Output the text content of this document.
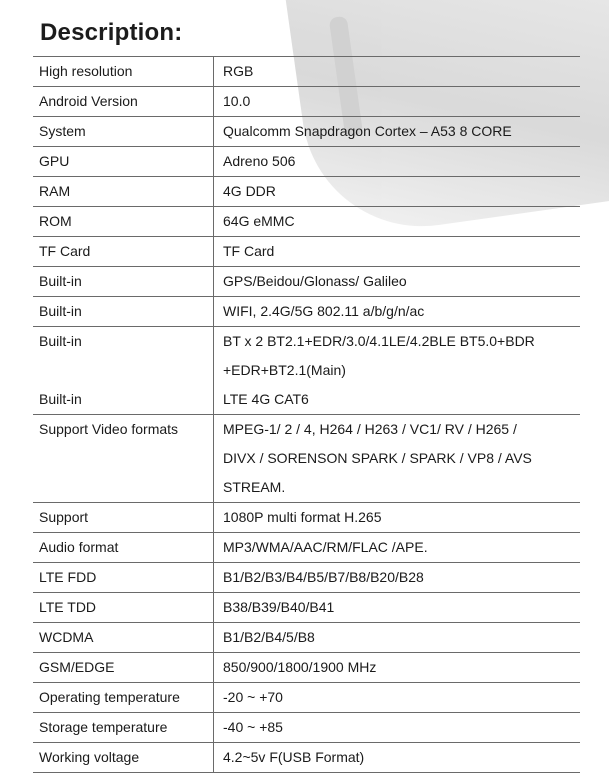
Description:
High resolution	RGB
Android Version	10.0
System	Qualcomm Snapdragon Cortex – A53 8 CORE
GPU	Adreno 506
RAM	4G DDR
ROM	64G eMMC
TF Card	TF Card
Built-in	GPS/Beidou/Glonass/ Galileo
Built-in	WIFI, 2.4G/5G 802.11 a/b/g/n/ac

Built-in	BT x 2 BT2.1+EDR/3.0/4.1LE/4.2BLE BT5.0+BDR
+EDR+BT2.1(Main)

Built-in	LTE 4G CAT6

Support Video formats	MPEG-1/ 2 / 4, H264 / H263 / VC1/ RV / H265 /
DIVX / SORENSON SPARK / SPARK / VP8 / AVS
STREAM.

Support	1080P multi format H.265
Audio format	MP3/WMA/AAC/RM/FLAC /APE.
LTE FDD	B1/B2/B3/B4/B5/B7/B8/B20/B28
LTE TDD	B38/B39/B40/B41
WCDMA	B1/B2/B4/5/B8
GSM/EDGE	850/900/1800/1900 MHz
Operating temperature	-20 ~ +70
Storage temperature	-40 ~ +85
Working voltage	4.2~5v F(USB Format)
